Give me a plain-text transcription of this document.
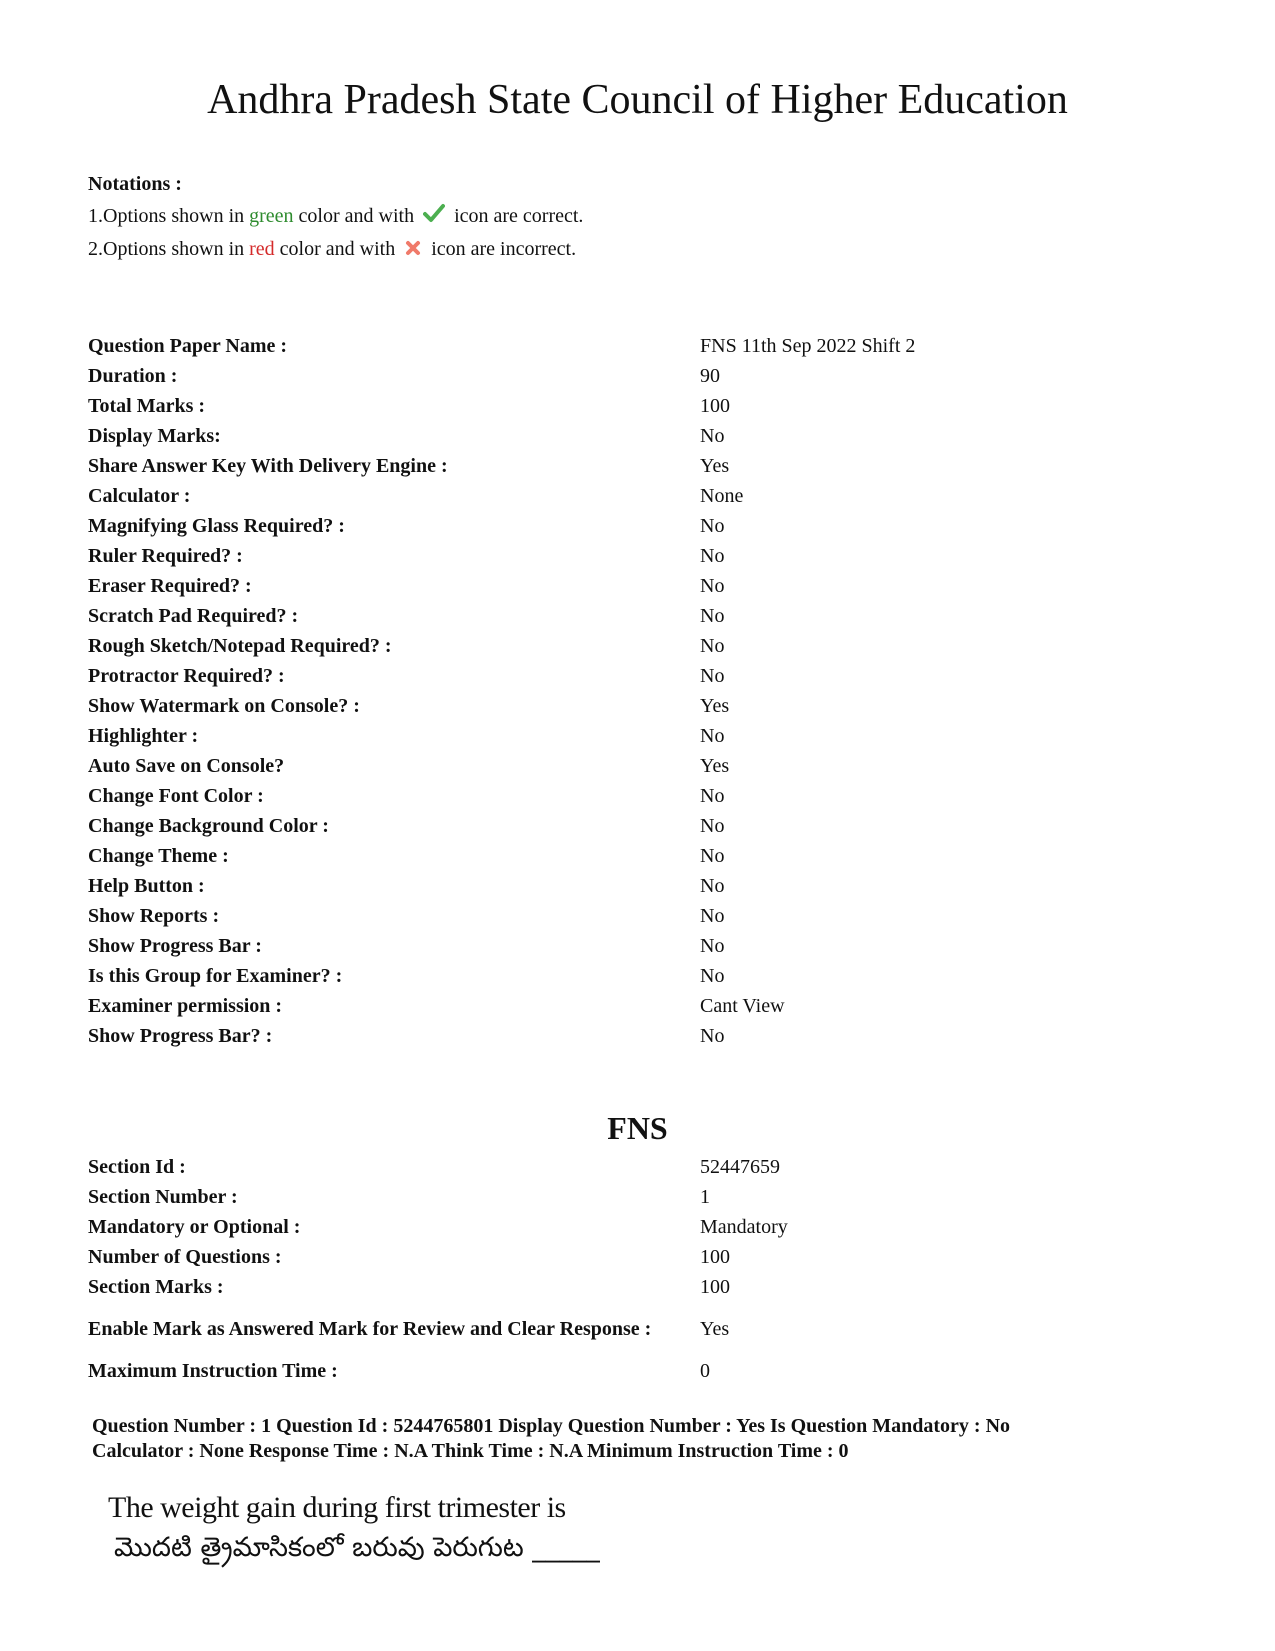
Andhra Pradesh State Council of Higher Education
Notations :
1.Options shown in green color and with  icon are correct.
2.Options shown in red color and with  icon are incorrect.
Question Paper Name :	FNS 11th Sep 2022 Shift 2
Duration :	90
Total Marks :	100
Display Marks:	No
Share Answer Key With Delivery Engine :	Yes
Calculator :	None
Magnifying Glass Required? :	No
Ruler Required? :	No
Eraser Required? :	No
Scratch Pad Required? :	No
Rough Sketch/Notepad Required? :	No
Protractor Required? :	No
Show Watermark on Console? :	Yes
Highlighter :	No
Auto Save on Console?	Yes
Change Font Color :	No
Change Background Color :	No
Change Theme :	No
Help Button :	No
Show Reports :	No
Show Progress Bar :	No
Is this Group for Examiner? :	No
Examiner permission :	Cant View
Show Progress Bar? :	No
FNS
Section Id :	52447659
Section Number :	1
Mandatory or Optional :	Mandatory
Number of Questions :	100
Section Marks :	100
Enable Mark as Answered Mark for Review and Clear Response :	Yes
Maximum Instruction Time :	0
Question Number : 1 Question Id : 5244765801 Display Question Number : Yes Is Question Mandatory : No
Calculator : None Response Time : N.A Think Time : N.A Minimum Instruction Time : 0
The weight gain during first trimester is
మొదటి త్రైమాసికంలో బరువు పెరుగుట _____
